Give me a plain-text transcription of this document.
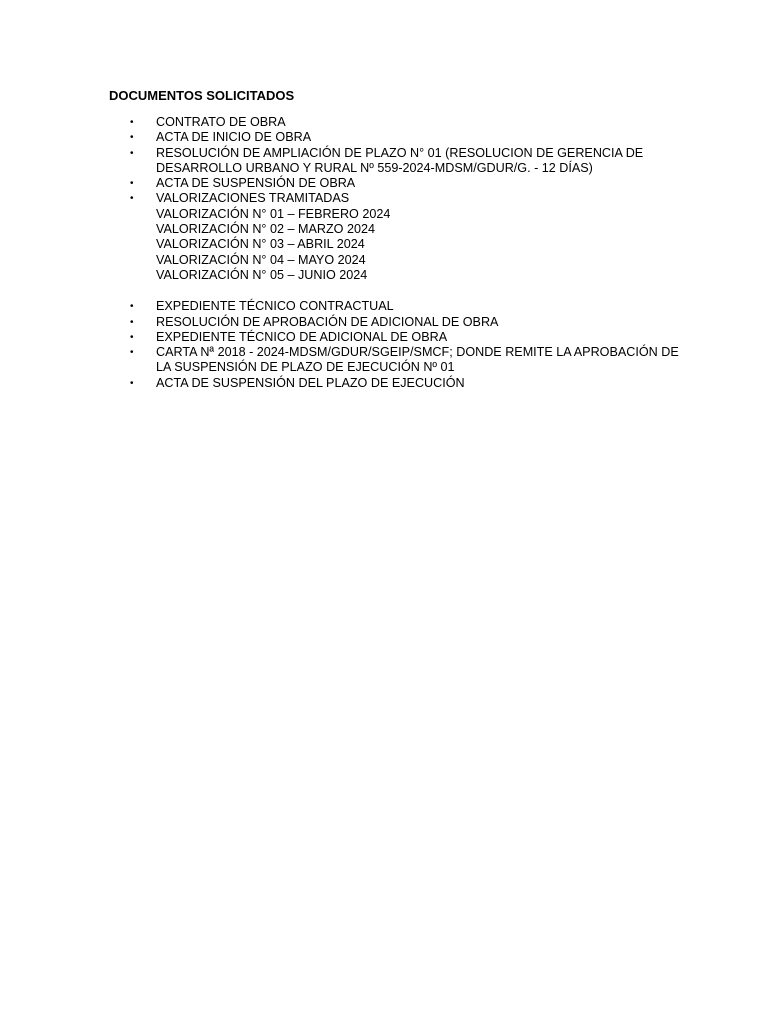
DOCUMENTOS SOLICITADOS
•	CONTRATO DE OBRA
•	ACTA DE INICIO DE OBRA
•	RESOLUCIÓN DE AMPLIACIÓN DE PLAZO N° 01 (RESOLUCION DE GERENCIA DE DESARROLLO URBANO Y RURAL Nº 559-2024-MDSM/GDUR/G. - 12 DÍAS)
•	ACTA DE SUSPENSIÓN DE OBRA
•	VALORIZACIONES TRAMITADAS
VALORIZACIÓN N° 01 – FEBRERO 2024
VALORIZACIÓN N° 02 – MARZO 2024
VALORIZACIÓN N° 03 – ABRIL 2024
VALORIZACIÓN N° 04 – MAYO 2024
VALORIZACIÓN N° 05 – JUNIO 2024
•	EXPEDIENTE TÉCNICO CONTRACTUAL
•	RESOLUCIÓN DE APROBACIÓN DE ADICIONAL DE OBRA
•	EXPEDIENTE TÉCNICO DE ADICIONAL DE OBRA
•	CARTA Nª 2018 - 2024-MDSM/GDUR/SGEIP/SMCF; DONDE REMITE LA APROBACIÓN DE LA SUSPENSIÓN DE PLAZO DE EJECUCIÓN Nº 01
•	ACTA DE SUSPENSIÓN DEL PLAZO DE EJECUCIÓN
